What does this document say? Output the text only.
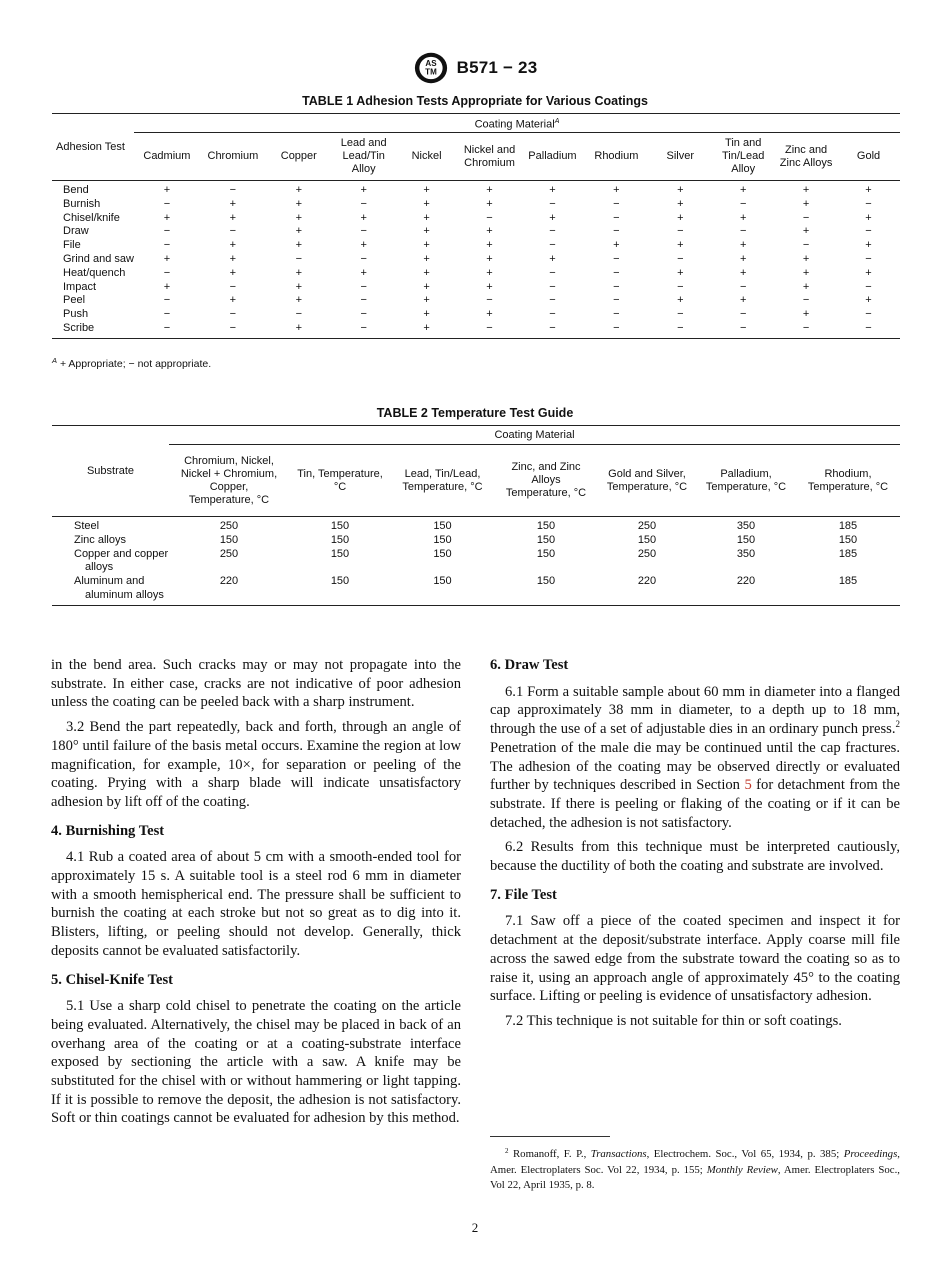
AS
TM B571 − 23
TABLE 1 Adhesion Tests Appropriate for Various Coatings
Adhesion Test	Coating Material$^A$
	Cadmium	Chromium	Copper	Lead and Lead/Tin Alloy	Nickel	Nickel and Chromium	Palladium	Rhodium	Silver	Tin and Tin/Lead Alloy	Zinc and Zinc Alloys	Gold
Bend	+	−	+	+	+	+	+	+	+	+	+	+
Burnish	−	+	+	−	+	+	−	−	+	−	+	−
Chisel/knife	+	+	+	+	+	−	+	−	+	+	−	+
Draw	−	−	+	−	+	+	−	−	−	−	+	−
File	−	+	+	+	+	+	−	+	+	+	−	+
Grind and saw	+	+	−	−	+	+	+	−	−	+	+	−
Heat/quench	−	+	+	+	+	+	−	−	+	+	+	+
Impact	+	−	+	−	+	+	−	−	−	−	+	−
Peel	−	+	+	−	+	−	−	−	+	+	−	+
Push	−	−	−	−	+	+	−	−	−	−	+	−
Scribe	−	−	+	−	+	−	−	−	−	−	−	−
$^A$ + Appropriate; − not appropriate.
TABLE 2 Temperature Test Guide
Substrate	Coating Material						
	Chromium, Nickel, Nickel + Chromium, Copper, Temperature, °C	Tin, Temperature, °C	Lead, Tin/Lead, Temperature, °C	Zinc, and Zinc Alloys Temperature, °C	Gold and Silver, Temperature, °C	Palladium, Temperature, °C	Rhodium, Temperature, °C
Steel	250	150	150	150	250	350	185
Zinc alloys	150	150	150	150	150	150	150
Copper and copper alloys	250	150	150	150	250	350	185
Aluminum and aluminum alloys	220	150	150	150	220	220	185

in the bend area. Such cracks may or may not propagate into the substrate. In either case, cracks are not indicative of poor adhesion unless the coating can be peeled back with a sharp instrument.

3.2 Bend the part repeatedly, back and forth, through an angle of 180° until failure of the basis metal occurs. Examine the region at low magnification, for example, 10×, for separation or peeling of the coating. Prying with a sharp blade will indicate unsatisfactory adhesion by lift off of the coating.

4. Burnishing Test

4.1 Rub a coated area of about 5 cm with a smooth-ended tool for approximately 15 s. A suitable tool is a steel rod 6 mm in diameter with a smooth hemispherical end. The pressure shall be sufficient to burnish the coating at each stroke but not so great as to dig into it. Blisters, lifting, or peeling should not develop. Generally, thick deposits cannot be evaluated satisfactorily.

5. Chisel-Knife Test

5.1 Use a sharp cold chisel to penetrate the coating on the article being evaluated. Alternatively, the chisel may be placed in back of an overhang area of the coating or at a coating-substrate interface exposed by sectioning the article with a saw. A knife may be substituted for the chisel with or without hammering or light tapping. If it is possible to remove the deposit, the adhesion is not satisfactory. Soft or thin coatings cannot be evaluated for adhesion by this method.

6. Draw Test

6.1 Form a suitable sample about 60 mm in diameter into a flanged cap approximately 38 mm in diameter, to a depth up to 18 mm, through the use of a set of adjustable dies in an ordinary punch press.$^2$ Penetration of the male die may be continued until the cap fractures. The adhesion of the coating may be observed directly or evaluated further by techniques described in Section 5 for detachment from the substrate. If there is peeling or flaking of the coating or if it can be detached, the adhesion is not satisfactory.

6.2 Results from this technique must be interpreted cautiously, because the ductility of both the coating and substrate are involved.

7. File Test

7.1 Saw off a piece of the coated specimen and inspect it for detachment at the deposit/substrate interface. Apply coarse mill file across the sawed edge from the substrate toward the coating so as to raise it, using an approach angle of approximately 45° to the coating surface. Lifting or peeling is evidence of unsatisfactory adhesion.

7.2 This technique is not suitable for thin or soft coatings.

$^2$ Romanoff, F. P., Transactions, Electrochem. Soc., Vol 65, 1934, p. 385; Proceedings, Amer. Electroplaters Soc. Vol 22, 1934, p. 155; Monthly Review, Amer. Electroplaters Soc., Vol 22, April 1935, p. 8.
2
